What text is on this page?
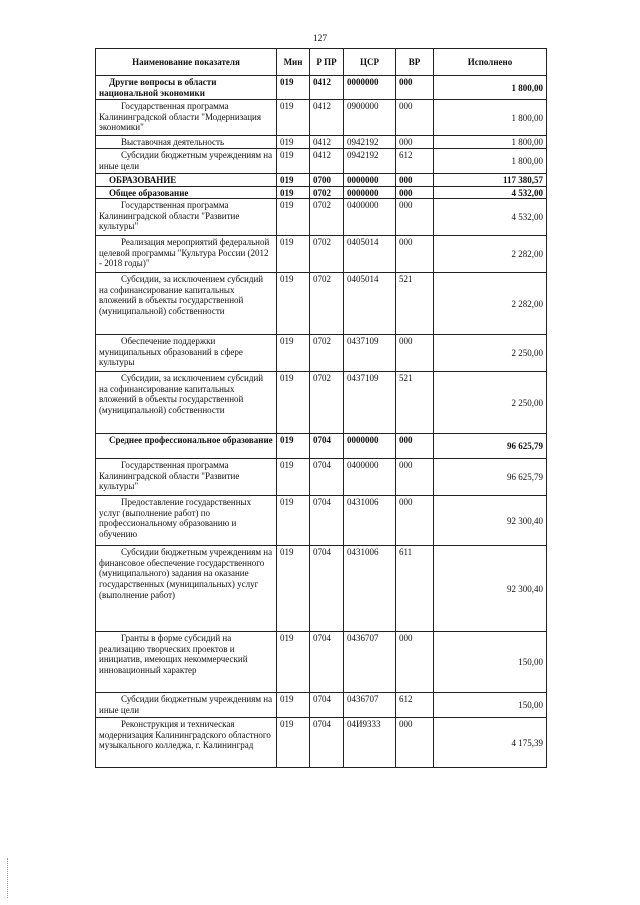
127
Наименование показателя	Мин	Р ПР	ЦСР	ВР	Исполнено

Другие вопросы в области национальной экономики	019	0412	0000000	000	1 800,00

Государственная программа Калининградской области "Модернизация экономики"	019	0412	0900000	000	1 800,00

Выставочная деятельность	019	0412	0942192	000	1 800,00

Субсидии бюджетным учреждениям на иные цели	019	0412	0942192	612	1 800,00

ОБРАЗОВАНИЕ	019	0700	0000000	000	117 380,57

Общее образование	019	0702	0000000	000	4 532,00

Государственная программа Калининградской области "Развитие культуры"	019	0702	0400000	000	4 532,00

Реализация мероприятий федеральной целевой программы "Культура России (2012 - 2018 годы)"	019	0702	0405014	000	2 282,00

Субсидии, за исключением субсидий на софинансирование капитальных вложений в объекты государственной (муниципальной) собственности	019	0702	0405014	521	2 282,00

Обеспечение поддержки муниципальных образований в сфере культуры	019	0702	0437109	000	2 250,00

Субсидии, за исключением субсидий на софинансирование капитальных вложений в объекты государственной (муниципальной) собственности	019	0702	0437109	521	2 250,00

Среднее профессиональное образование	019	0704	0000000	000	96 625,79

Государственная программа Калининградской области "Развитие культуры"	019	0704	0400000	000	96 625,79

Предоставление государственных услуг (выполнение работ) по профессиональному образованию и обучению	019	0704	0431006	000	92 300,40

Субсидии бюджетным учреждениям на финансовое обеспечение государственного (муниципального) задания на оказание государственных (муниципальных) услуг (выполнение работ)	019	0704	0431006	611	92 300,40

Гранты в форме субсидий на реализацию творческих проектов и инициатив, имеющих некоммерческий инновационный характер	019	0704	0436707	000	150,00

Субсидии бюджетным учреждениям на иные цели	019	0704	0436707	612	150,00

Реконструкция и техническая модернизация Калининградского областного музыкального колледжа, г. Калининград	019	0704	04И9333	000	4 175,39
